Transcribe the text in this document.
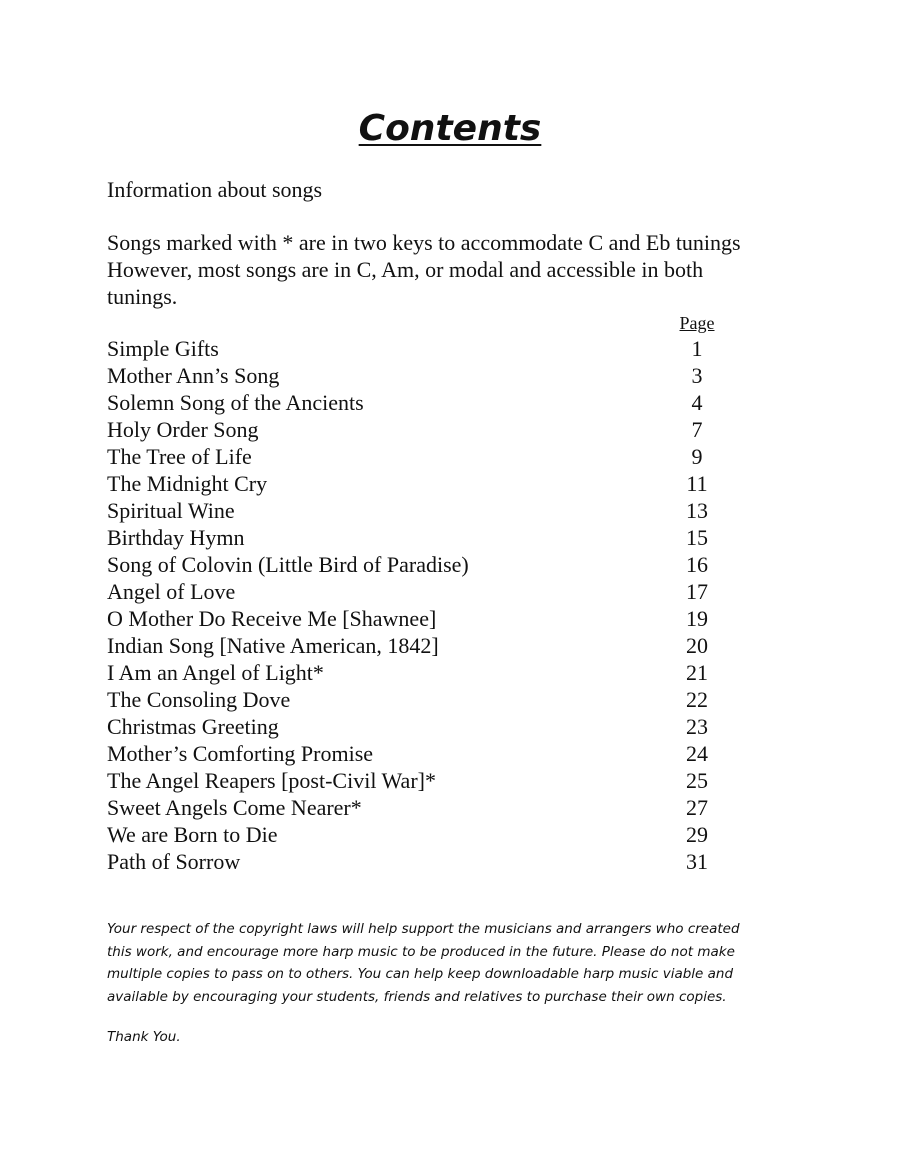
Contents
Information about songs
Songs marked with * are in two keys to accommodate C and Eb tunings
However, most songs are in C, Am, or modal and accessible in both
tunings.
Page
Simple Gifts	1
Mother Ann’s Song	3
Solemn Song of the Ancients	4
Holy Order Song	7
The Tree of Life	9
The Midnight Cry	11
Spiritual Wine	13
Birthday Hymn	15
Song of Colovin (Little Bird of Paradise)	16
Angel of Love	17
O Mother Do Receive Me [Shawnee]	19
Indian Song [Native American, 1842]	20
I Am an Angel of Light*	21
The Consoling Dove	22
Christmas Greeting	23
Mother’s Comforting Promise	24
The Angel Reapers [post-Civil War]*	25
Sweet Angels Come Nearer*	27
We are Born to Die	29
Path of Sorrow	31
Your respect of the copyright laws will help support the musicians and arrangers who created
this work, and encourage more harp music to be produced in the future. Please do not make
multiple copies to pass on to others. You can help keep downloadable harp music viable and
available by encouraging your students, friends and relatives to purchase their own copies.
Thank You.
